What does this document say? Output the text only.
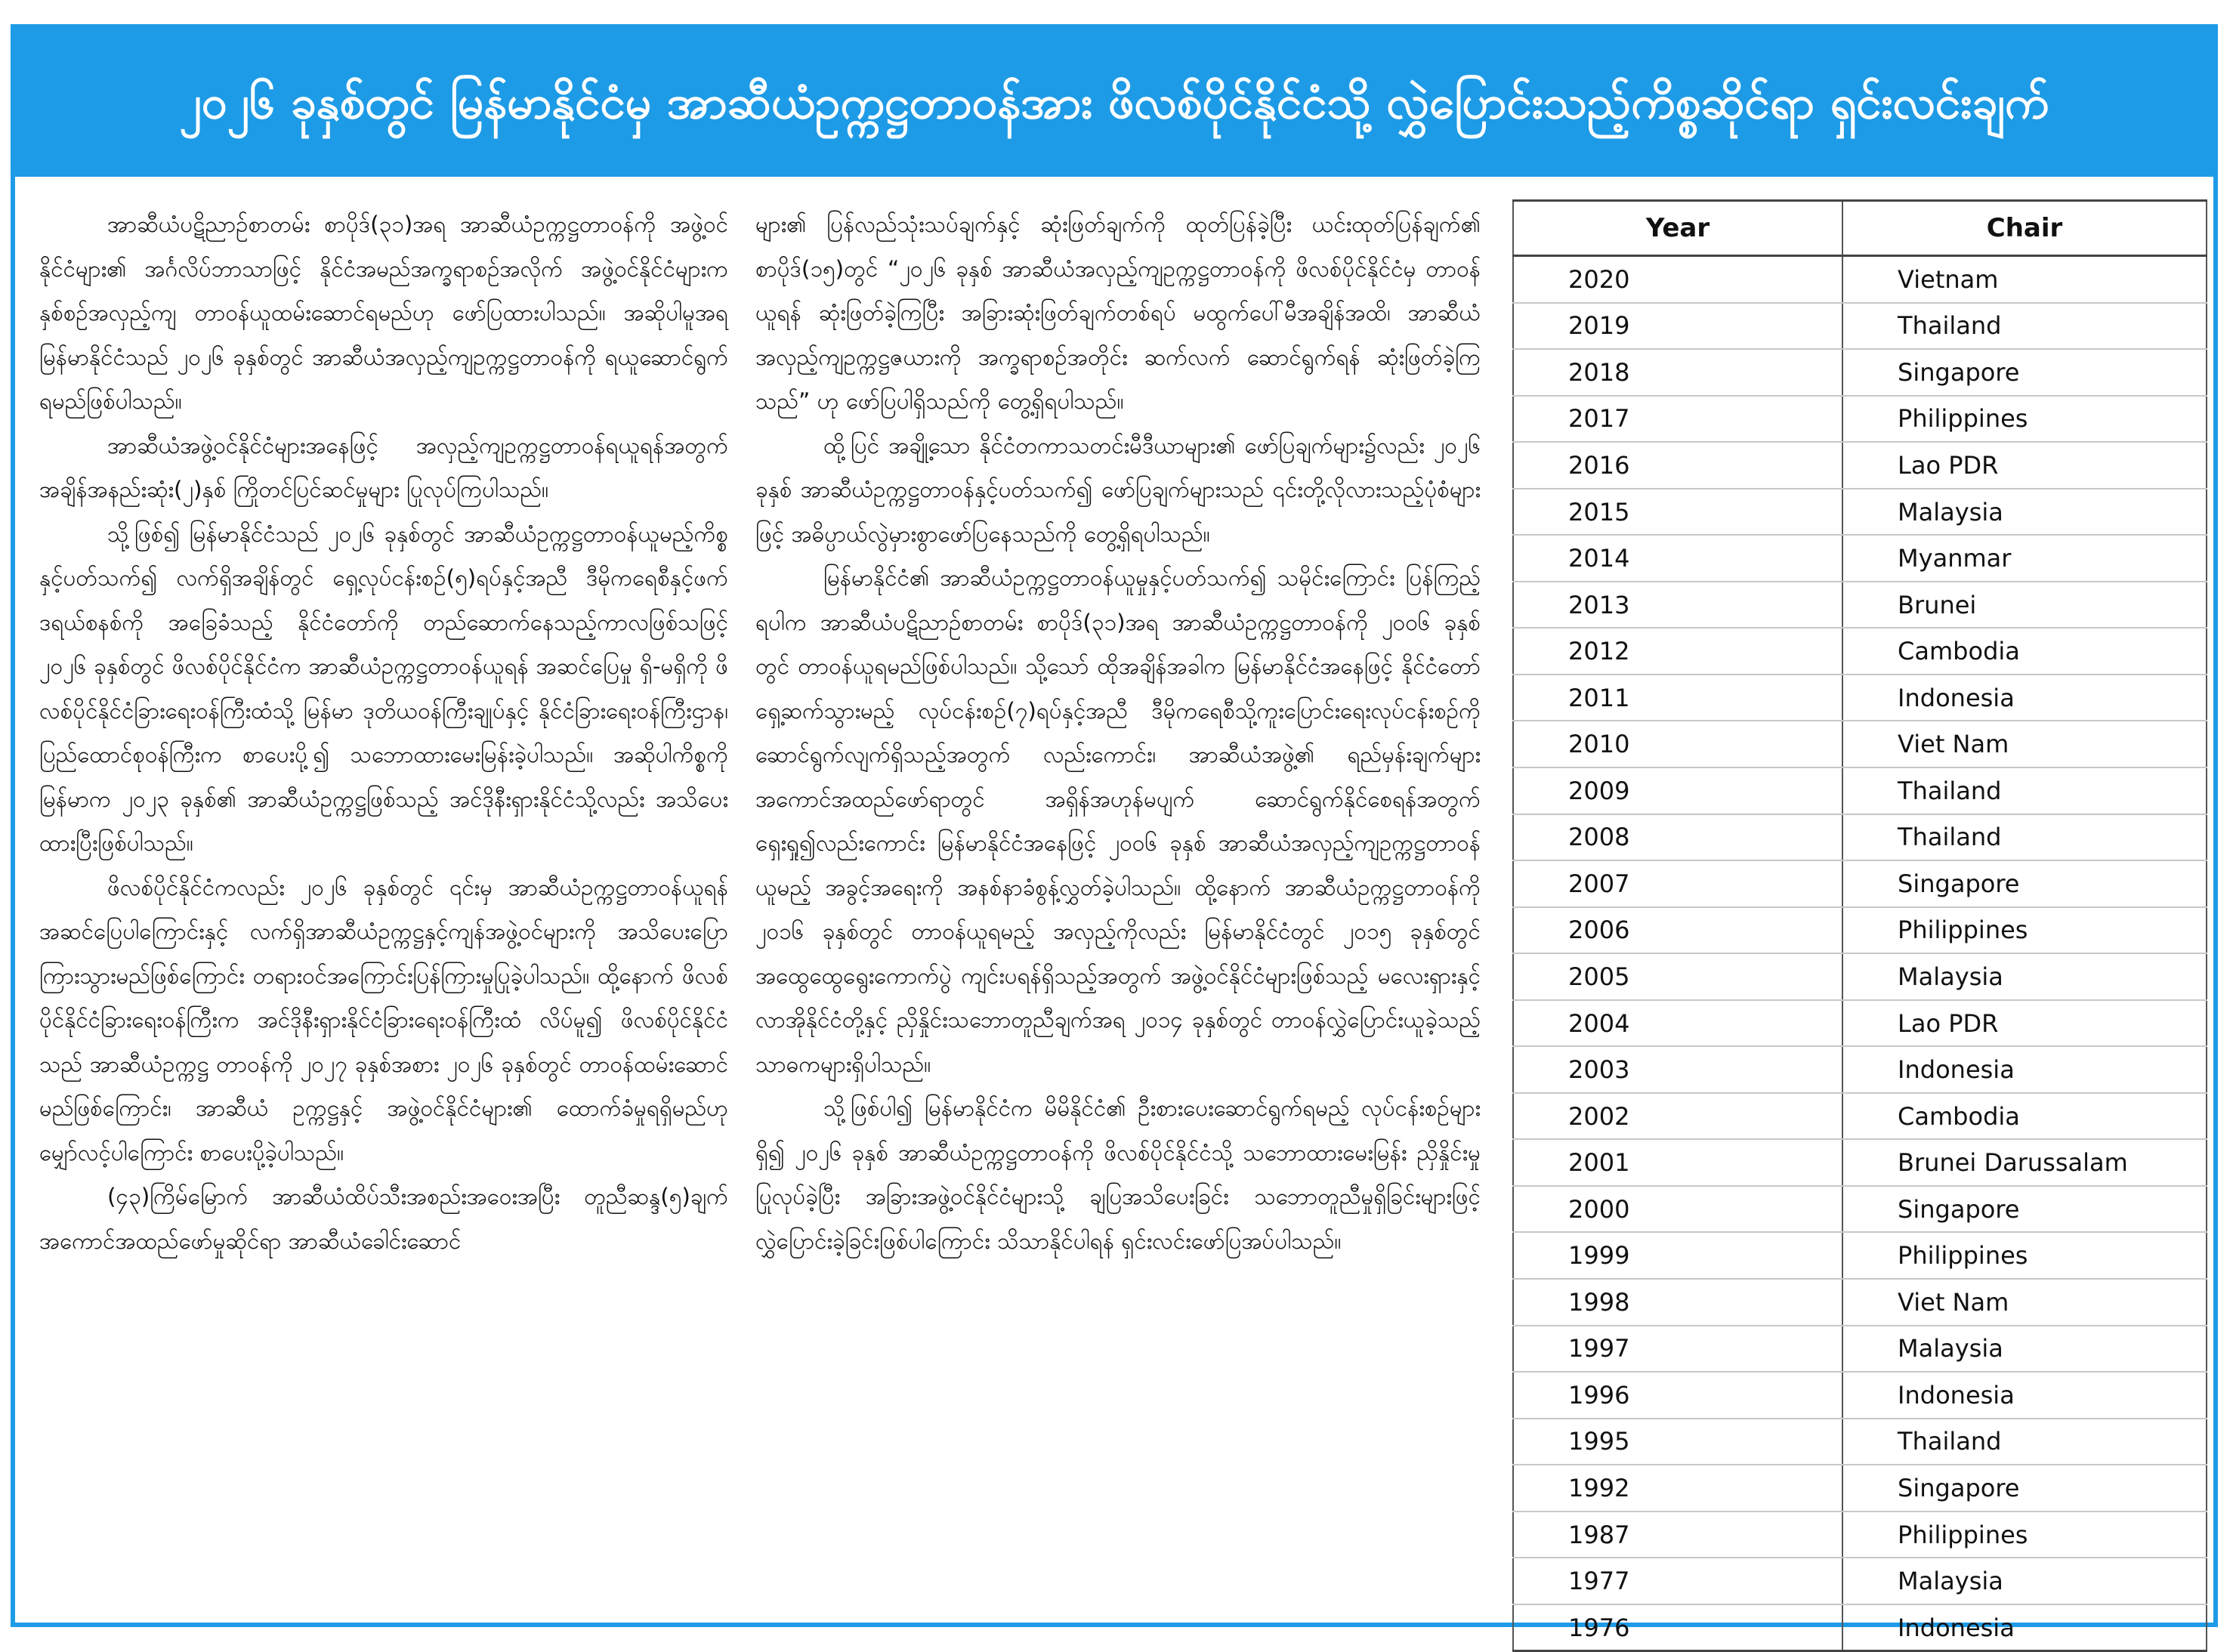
၂၀၂၆ ခုနှစ်တွင် မြန်မာနိုင်ငံမှ အာဆီယံဥက္ကဋ္ဌတာဝန်အား ဖိလစ်ပိုင်နိုင်ငံသို့ လွှဲပြောင်းသည့်ကိစ္စဆိုင်ရာ ရှင်းလင်းချက်

အာဆီယံပဋိညာဉ်စာတမ်း စာပိုဒ်(၃၁)အရ အာဆီယံဥက္ကဋ္ဌတာဝန်ကို အဖွဲ့ဝင်နိုင်ငံများ၏ အင်္ဂလိပ်ဘာသာဖြင့် နိုင်ငံအမည်အက္ခရာစဉ်အလိုက် အဖွဲ့ဝင်နိုင်ငံများက နှစ်စဉ်အလှည့်ကျ တာဝန်ယူထမ်းဆောင်ရမည်ဟု ဖော်ပြထားပါသည်။ အဆိုပါမူအရ မြန်မာနိုင်ငံသည် ၂၀၂၆ ခုနှစ်တွင် အာဆီယံအလှည့်ကျဥက္ကဋ္ဌတာဝန်ကို ရယူဆောင်ရွက်ရမည်ဖြစ်ပါသည်။

အာဆီယံအဖွဲ့ဝင်နိုင်ငံများအနေဖြင့် အလှည့်ကျဥက္ကဋ္ဌတာဝန်ရယူရန်အတွက် အချိန်အနည်းဆုံး(၂)နှစ် ကြိုတင်ပြင်ဆင်မှုများ ပြုလုပ်ကြပါသည်။

သို့ဖြစ်၍ မြန်မာနိုင်ငံသည် ၂၀၂၆ ခုနှစ်တွင် အာဆီယံဥက္ကဋ္ဌတာဝန်ယူမည့်ကိစ္စနှင့်ပတ်သက်၍ လက်ရှိအချိန်တွင် ရှေ့လုပ်ငန်းစဉ်(၅)ရပ်နှင့်အညီ ဒီမိုကရေစီနှင့်ဖက်ဒရယ်စနစ်ကို အခြေခံသည့် နိုင်ငံတော်ကို တည်ဆောက်နေသည့်ကာလဖြစ်သဖြင့် ၂၀၂၆ ခုနှစ်တွင် ဖိလစ်ပိုင်နိုင်ငံက အာဆီယံဥက္ကဋ္ဌတာဝန်ယူရန် အဆင်ပြေမှု ရှိ-မရှိကို ဖိလစ်ပိုင်နိုင်ငံခြားရေးဝန်ကြီးထံသို့ မြန်မာ ဒုတိယဝန်ကြီးချုပ်နှင့် နိုင်ငံခြားရေးဝန်ကြီးဌာန၊ ပြည်ထောင်စုဝန်ကြီးက စာပေးပို့၍ သဘောထားမေးမြန်းခဲ့ပါသည်။ အဆိုပါကိစ္စကို မြန်မာက ၂၀၂၃ ခုနှစ်၏ အာဆီယံဥက္ကဋ္ဌဖြစ်သည့် အင်ဒိုနီးရှားနိုင်ငံသို့လည်း အသိပေးထားပြီးဖြစ်ပါသည်။

ဖိလစ်ပိုင်နိုင်ငံကလည်း ၂၀၂၆ ခုနှစ်တွင် ၎င်းမှ အာဆီယံဥက္ကဋ္ဌတာဝန်ယူရန် အဆင်ပြေပါကြောင်းနှင့် လက်ရှိအာဆီယံဥက္ကဋ္ဌနှင့်ကျန်အဖွဲ့ဝင်များကို အသိပေးပြောကြားသွားမည်ဖြစ်ကြောင်း တရားဝင်အကြောင်းပြန်ကြားမှုပြုခဲ့ပါသည်။ ထို့နောက် ဖိလစ်ပိုင်နိုင်ငံခြားရေးဝန်ကြီးက အင်ဒိုနီးရှားနိုင်ငံခြားရေးဝန်ကြီးထံ လိပ်မူ၍ ဖိလစ်ပိုင်နိုင်ငံသည် အာဆီယံဥက္ကဋ္ဌ တာဝန်ကို ၂၀၂၇ ခုနှစ်အစား ၂၀၂၆ ခုနှစ်တွင် တာဝန်ထမ်းဆောင်မည်ဖြစ်ကြောင်း၊ အာဆီယံ ဥက္ကဋ္ဌနှင့် အဖွဲ့ဝင်နိုင်ငံများ၏ ထောက်ခံမှုရရှိမည်ဟု မျှော်လင့်ပါကြောင်း စာပေးပို့ခဲ့ပါသည်။

(၄၃)ကြိမ်မြောက် အာဆီယံထိပ်သီးအစည်းအဝေးအပြီး တူညီဆန္ဒ(၅)ချက် အကောင်အထည်ဖော်မှုဆိုင်ရာ အာဆီယံခေါင်းဆောင်

များ၏ ပြန်လည်သုံးသပ်ချက်နှင့် ဆုံးဖြတ်ချက်ကို ထုတ်ပြန်ခဲ့ပြီး ယင်းထုတ်ပြန်ချက်၏ စာပိုဒ်(၁၅)တွင် “၂၀၂၆ ခုနှစ် အာဆီယံအလှည့်ကျဥက္ကဋ္ဌတာဝန်ကို ဖိလစ်ပိုင်နိုင်ငံမှ တာဝန်ယူရန် ဆုံးဖြတ်ခဲ့ကြပြီး အခြားဆုံးဖြတ်ချက်တစ်ရပ် မထွက်ပေါ်မီအချိန်အထိ၊ အာဆီယံအလှည့်ကျဥက္ကဋ္ဌဇယားကို အက္ခရာစဉ်အတိုင်း ဆက်လက် ဆောင်ရွက်ရန် ဆုံးဖြတ်ခဲ့ကြသည်” ဟု ဖော်ပြပါရှိသည်ကို တွေ့ရှိရပါသည်။

ထို့ပြင် အချို့သော နိုင်ငံတကာသတင်းမီဒီယာများ၏ ဖော်ပြချက်များ၌လည်း ၂၀၂၆ ခုနှစ် အာဆီယံဥက္ကဋ္ဌတာဝန်နှင့်ပတ်သက်၍ ဖော်ပြချက်များသည် ၎င်းတို့လိုလားသည့်ပုံစံများဖြင့် အဓိပ္ပာယ်လွဲမှားစွာဖော်ပြနေသည်ကို တွေ့ရှိရပါသည်။

မြန်မာနိုင်ငံ၏ အာဆီယံဥက္ကဋ္ဌတာဝန်ယူမှုနှင့်ပတ်သက်၍ သမိုင်းကြောင်း ပြန်ကြည့်ရပါက အာဆီယံပဋိညာဉ်စာတမ်း စာပိုဒ်(၃၁)အရ အာဆီယံဥက္ကဋ္ဌတာဝန်ကို ၂၀၀၆ ခုနှစ်တွင် တာဝန်ယူရမည်ဖြစ်ပါသည်။ သို့သော် ထိုအချိန်အခါက မြန်မာနိုင်ငံအနေဖြင့် နိုင်ငံတော်ရှေ့ဆက်သွားမည့် လုပ်ငန်းစဉ်(၇)ရပ်နှင့်အညီ ဒီမိုကရေစီသို့ကူးပြောင်းရေးလုပ်ငန်းစဉ်ကို ဆောင်ရွက်လျက်ရှိသည့်အတွက် လည်းကောင်း၊ အာဆီယံအဖွဲ့၏ ရည်မှန်းချက်များအကောင်အထည်ဖော်ရာတွင် အရှိန်အဟုန်မပျက် ဆောင်ရွက်နိုင်စေရန်အတွက် ရှေးရှု၍လည်းကောင်း မြန်မာနိုင်ငံအနေဖြင့် ၂၀၀၆ ခုနှစ် အာဆီယံအလှည့်ကျဥက္ကဋ္ဌတာဝန်ယူမည့် အခွင့်အရေးကို အနစ်နာခံစွန့်လွှတ်ခဲ့ပါသည်။ ထို့နောက် အာဆီယံဥက္ကဋ္ဌတာဝန်ကို ၂၀၁၆ ခုနှစ်တွင် တာဝန်ယူရမည့် အလှည့်ကိုလည်း မြန်မာနိုင်ငံတွင် ၂၀၁၅ ခုနှစ်တွင် အထွေထွေရွေးကောက်ပွဲ ကျင်းပရန်ရှိသည့်အတွက် အဖွဲ့ဝင်နိုင်ငံများဖြစ်သည့် မလေးရှားနှင့် လာအိုနိုင်ငံတို့နှင့် ညှိနှိုင်းသဘောတူညီချက်အရ ၂၀၁၄ ခုနှစ်တွင် တာဝန်လွှဲပြောင်းယူခဲ့သည့် သာဓကများရှိပါသည်။

သို့ဖြစ်ပါ၍ မြန်မာနိုင်ငံက မိမိနိုင်ငံ၏ ဦးစားပေးဆောင်ရွက်ရမည့် လုပ်ငန်းစဉ်များရှိ၍ ၂၀၂၆ ခုနှစ် အာဆီယံဥက္ကဋ္ဌတာဝန်ကို ဖိလစ်ပိုင်နိုင်ငံသို့ သဘောထားမေးမြန်း ညှိနှိုင်းမှုပြုလုပ်ခဲ့ပြီး အခြားအဖွဲ့ဝင်နိုင်ငံများသို့ ချပြအသိပေးခြင်း သဘောတူညီမှုရှိခြင်းများဖြင့် လွှဲပြောင်းခဲ့ခြင်းဖြစ်ပါကြောင်း သိသာနိုင်ပါရန် ရှင်းလင်းဖော်ပြအပ်ပါသည်။

Year	Chair
2020	Vietnam
2019	Thailand
2018	Singapore
2017	Philippines
2016	Lao PDR
2015	Malaysia
2014	Myanmar
2013	Brunei
2012	Cambodia
2011	Indonesia
2010	Viet Nam
2009	Thailand
2008	Thailand
2007	Singapore
2006	Philippines
2005	Malaysia
2004	Lao PDR
2003	Indonesia
2002	Cambodia
2001	Brunei Darussalam
2000	Singapore
1999	Philippines
1998	Viet Nam
1997	Malaysia
1996	Indonesia
1995	Thailand
1992	Singapore
1987	Philippines
1977	Malaysia
1976	Indonesia
